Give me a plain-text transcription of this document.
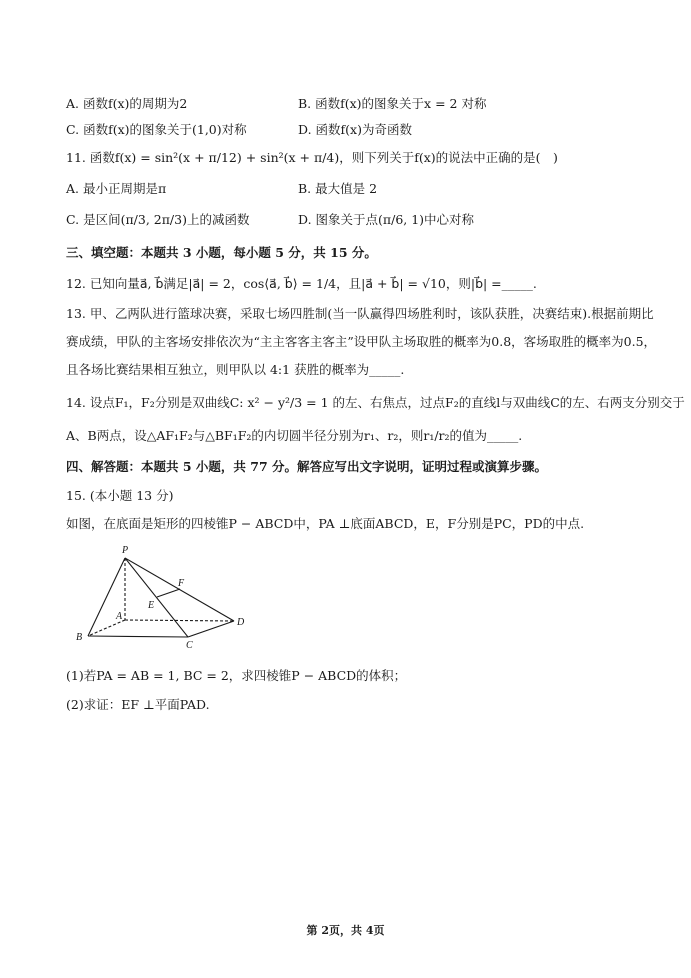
A. 函数f(x)的周期为2	B. 函数f(x)的图象关于x = 2 对称
C. 函数f(x)的图象关于(1,0)对称	D. 函数f(x)为奇函数
11. 函数f(x) = sin²(x + π/12) + sin²(x + π/4)，则下列关于f(x)的说法中正确的是(　)
A. 最小正周期是π	B. 最大值是 2
C. 是区间(π/3, 2π/3)上的减函数	D. 图象关于点(π/6, 1)中心对称
三、填空题：本题共 3 小题，每小题 5 分，共 15 分。
12. 已知向量a⃗, b⃗满足|a⃗| = 2，cos⟨a⃗, b⃗⟩ = 1/4，且|a⃗ + b⃗| = √10，则|b⃗| =_____.
13. 甲、乙两队进行篮球决赛，采取七场四胜制(当一队赢得四场胜利时，该队获胜，决赛结束).根据前期比
赛成绩，甲队的主客场安排依次为“主主客客主客主”设甲队主场取胜的概率为0.8，客场取胜的概率为0.5，
且各场比赛结果相互独立，则甲队以 4:1 获胜的概率为_____.
14. 设点F₁，F₂分别是双曲线C: x² − y²/3 = 1 的左、右焦点，过点F₂的直线l与双曲线C的左、右两支分别交于
A、B两点，设△AF₁F₂与△BF₁F₂的内切圆半径分别为r₁、r₂，则r₁/r₂的值为_____.
四、解答题：本题共 5 小题，共 77 分。解答应写出文字说明，证明过程或演算步骤。
15. (本小题 13 分)
如图，在底面是矩形的四棱锥P − ABCD中，PA ⊥底面ABCD，E，F分别是PC，PD的中点.
P
A
B
C
D
E
F
(1)若PA = AB = 1, BC = 2，求四棱锥P − ABCD的体积；
(2)求证：EF ⊥平面PAD.
第 2页，共 4页
